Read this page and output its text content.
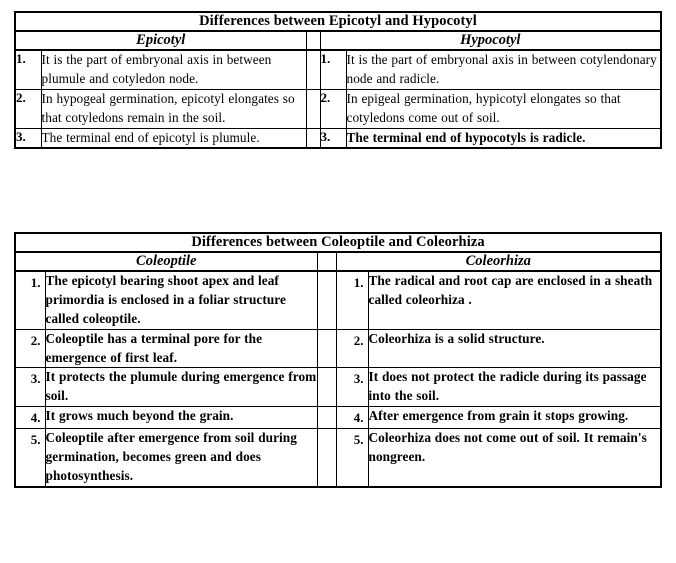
Differences between Epicotyl and Hypocotyl				
Epicotyl			Hypocotyl	
1.	It is the part of embryonal axis in between plumule and cotyledon node.		1.	It is the part of embryonal axis in between cotylendonary node and radicle.
2.	In hypogeal germination, epicotyl elongates so that cotyledons remain in the soil.		2.	In epigeal germination, hypicotyl elongates so that cotyledons come out of soil.
3.	The terminal end of epicotyl is plumule.		3.	The terminal end of hypocotyls is radicle.
Differences between Coleoptile and Coleorhiza				
Coleoptile			Coleorhiza	
1.	The epicotyl bearing shoot apex and leaf primordia is enclosed in a foliar structure called coleoptile.		1.	The radical and root cap are enclosed in a sheath called coleorhiza .
2.	Coleoptile has a terminal pore for the emergence of first leaf.		2.	Coleorhiza is a solid structure.
3.	It protects the plumule during emergence from soil.		3.	It does not protect the radicle during its passage into the soil.
4.	It grows much beyond the grain.		4.	After emergence from grain it stops growing.
5.	Coleoptile after emergence from soil during germination, becomes green and does photosynthesis.		5.	Coleorhiza does not come out of soil. It remain's nongreen.
